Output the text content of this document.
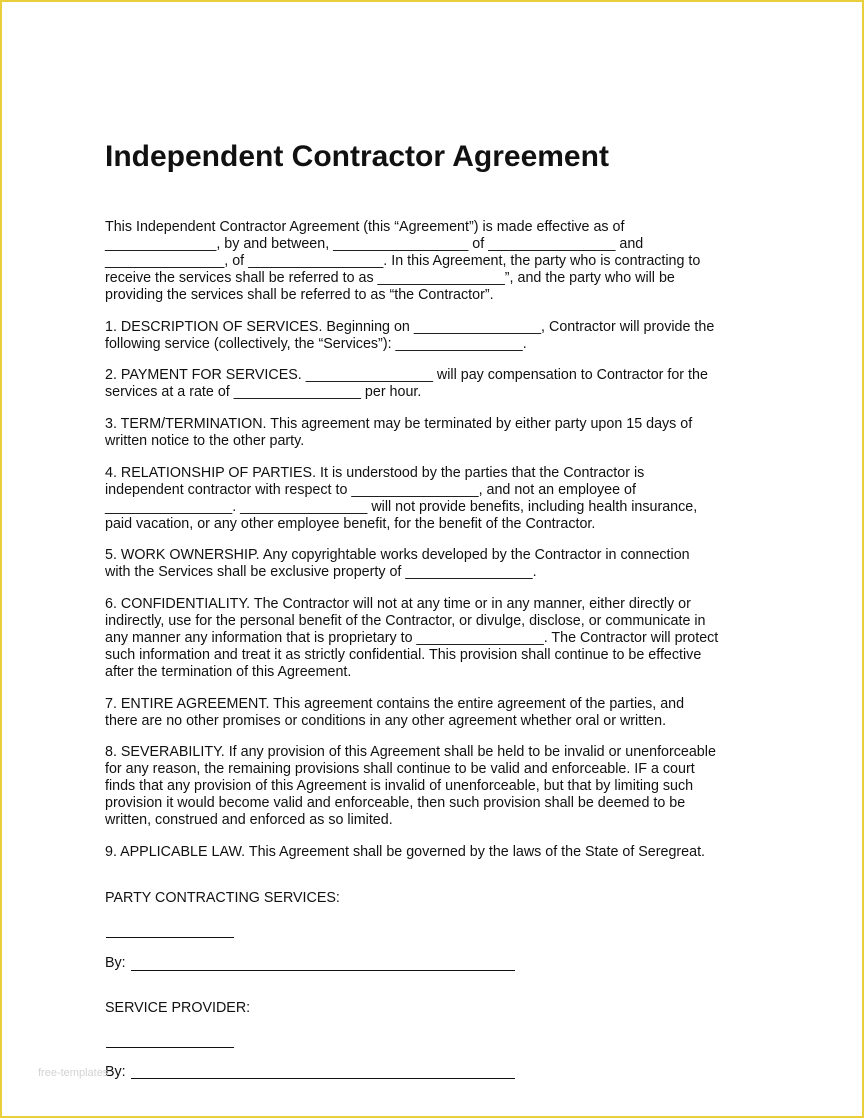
Independent Contractor Agreement

This Independent Contractor Agreement (this “Agreement”) is made effective as of
______________, by and between, _________________ of ________________ and
_______________, of _________________. In this Agreement, the party who is contracting to
receive the services shall be referred to as ________________”, and the party who will be
providing the services shall be referred to as “the Contractor”.

1. DESCRIPTION OF SERVICES. Beginning on ________________, Contractor will provide the
following service (collectively, the “Services”): ________________.

2. PAYMENT FOR SERVICES. ________________ will pay compensation to Contractor for the
services at a rate of ________________ per hour.

3. TERM/TERMINATION. This agreement may be terminated by either party upon 15 days of
written notice to the other party.

4. RELATIONSHIP OF PARTIES. It is understood by the parties that the Contractor is
independent contractor with respect to ________________, and not an employee of
________________. ________________ will not provide benefits, including health insurance,
paid vacation, or any other employee benefit, for the benefit of the Contractor.

5. WORK OWNERSHIP. Any copyrightable works developed by the Contractor in connection
with the Services shall be exclusive property of ________________.

6. CONFIDENTIALITY. The Contractor will not at any time or in any manner, either directly or
indirectly, use for the personal benefit of the Contractor, or divulge, disclose, or communicate in
any manner any information that is proprietary to ________________. The Contractor will protect
such information and treat it as strictly confidential. This provision shall continue to be effective
after the termination of this Agreement.

7. ENTIRE AGREEMENT. This agreement contains the entire agreement of the parties, and
there are no other promises or conditions in any other agreement whether oral or written.

8. SEVERABILITY. If any provision of this Agreement shall be held to be invalid or unenforceable
for any reason, the remaining provisions shall continue to be valid and enforceable. IF a court
finds that any provision of this Agreement is invalid of unenforceable, but that by limiting such
provision it would become valid and enforceable, then such provision shall be deemed to be
written, construed and enforced as so limited.

9. APPLICABLE LAW. This Agreement shall be governed by the laws of the State of Seregreat.

PARTY CONTRACTING SERVICES:

By:

SERVICE PROVIDER:

By:

free-templates
